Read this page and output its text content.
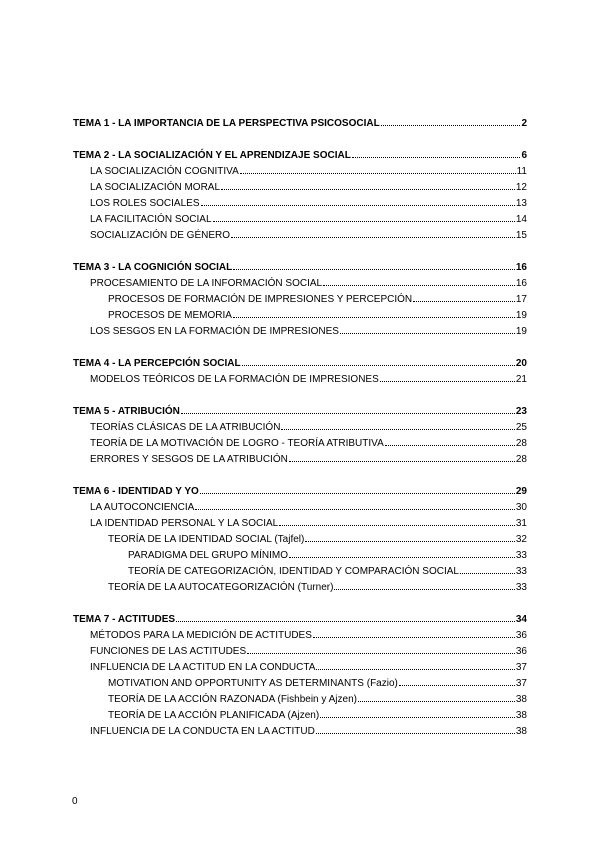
TEMA 1 - LA IMPORTANCIA DE LA PERSPECTIVA PSICOSOCIAL	2
TEMA 2 - LA SOCIALIZACIÓN Y EL APRENDIZAJE SOCIAL	6
LA SOCIALIZACIÓN COGNITIVA	11
LA SOCIALIZACIÓN MORAL	12
LOS ROLES SOCIALES	13
LA FACILITACIÓN SOCIAL	14
SOCIALIZACIÓN DE GÉNERO	15
TEMA 3 - LA COGNICIÓN SOCIAL	16
PROCESAMIENTO DE LA INFORMACIÓN SOCIAL	16
PROCESOS DE FORMACIÓN DE IMPRESIONES Y PERCEPCIÓN	17
PROCESOS DE MEMORIA	19
LOS SESGOS EN LA FORMACIÓN DE IMPRESIONES	19
TEMA 4 - LA PERCEPCIÓN SOCIAL	20
MODELOS TEÓRICOS DE LA FORMACIÓN DE IMPRESIONES	21
TEMA 5 - ATRIBUCIÓN	23
TEORÍAS CLÁSICAS DE LA ATRIBUCIÓN	25
TEORÍA DE LA MOTIVACIÓN DE LOGRO - TEORÍA ATRIBUTIVA	28
ERRORES Y SESGOS DE LA ATRIBUCIÓN	28
TEMA 6 - IDENTIDAD Y YO	29
LA AUTOCONCIENCIA	30
LA IDENTIDAD PERSONAL Y LA SOCIAL	31
TEORÍA DE LA IDENTIDAD SOCIAL (Tajfel)	32
PARADIGMA DEL GRUPO MÍNIMO	33
TEORÍA DE CATEGORIZACIÓN, IDENTIDAD Y COMPARACIÓN SOCIAL	33
TEORÍA DE LA AUTOCATEGORIZACIÓN (Turner)	33
TEMA 7 - ACTITUDES	34
MÉTODOS PARA LA MEDICIÓN DE ACTITUDES	36
FUNCIONES DE LAS ACTITUDES	36
INFLUENCIA DE LA ACTITUD EN LA CONDUCTA	37
MOTIVATION AND OPPORTUNITY AS DETERMINANTS (Fazio)	37
TEORÍA DE LA ACCIÓN RAZONADA (Fishbein y Ajzen)	38
TEORÍA DE LA ACCIÓN PLANIFICADA (Ajzen)	38
INFLUENCIA DE LA CONDUCTA EN LA ACTITUD	38
0
